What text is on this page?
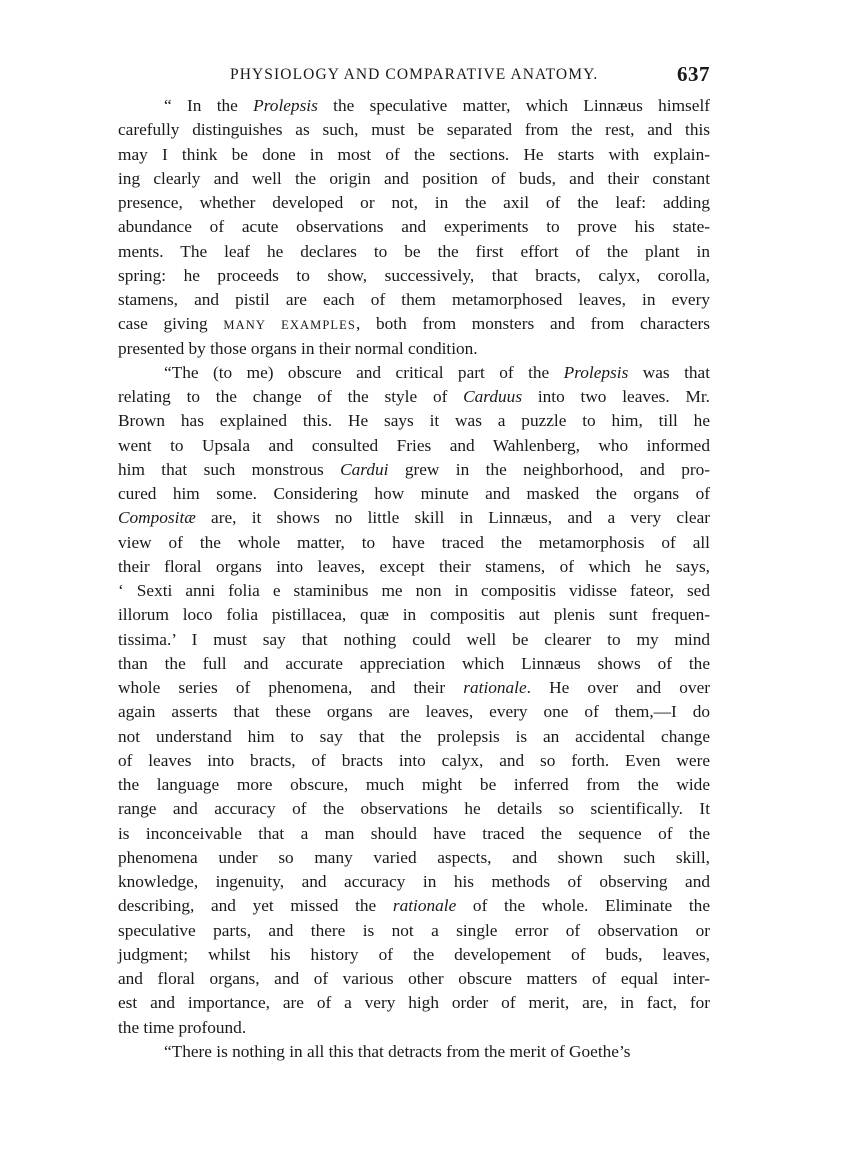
PHYSIOLOGY AND COMPARATIVE ANATOMY.	637
“ In the Prolepsis the speculative matter, which Linnæus himself
carefully distinguishes as such, must be separated from the rest, and this
may I think be done in most of the sections. He starts with explain-
ing clearly and well the origin and position of buds, and their constant
presence, whether developed or not, in the axil of the leaf: adding
abundance of acute observations and experiments to prove his state-
ments. The leaf he declares to be the first effort of the plant in
spring: he proceeds to show, successively, that bracts, calyx, corolla,
stamens, and pistil are each of them metamorphosed leaves, in every
case giving MANY EXAMPLES, both from monsters and from characters
presented by those organs in their normal condition.
“The (to me) obscure and critical part of the Prolepsis was that
relating to the change of the style of Carduus into two leaves. Mr.
Brown has explained this. He says it was a puzzle to him, till he
went to Upsala and consulted Fries and Wahlenberg, who informed
him that such monstrous Cardui grew in the neighborhood, and pro-
cured him some. Considering how minute and masked the organs of
Compositæ are, it shows no little skill in Linnæus, and a very clear
view of the whole matter, to have traced the metamorphosis of all
their floral organs into leaves, except their stamens, of which he says,
‘ Sexti anni folia e staminibus me non in compositis vidisse fateor, sed
illorum loco folia pistillacea, quæ in compositis aut plenis sunt frequen-
tissima.’ I must say that nothing could well be clearer to my mind
than the full and accurate appreciation which Linnæus shows of the
whole series of phenomena, and their rationale. He over and over
again asserts that these organs are leaves, every one of them,—I do
not understand him to say that the prolepsis is an accidental change
of leaves into bracts, of bracts into calyx, and so forth. Even were
the language more obscure, much might be inferred from the wide
range and accuracy of the observations he details so scientifically. It
is inconceivable that a man should have traced the sequence of the
phenomena under so many varied aspects, and shown such skill,
knowledge, ingenuity, and accuracy in his methods of observing and
describing, and yet missed the rationale of the whole. Eliminate the
speculative parts, and there is not a single error of observation or
judgment; whilst his history of the developement of buds, leaves,
and floral organs, and of various other obscure matters of equal inter-
est and importance, are of a very high order of merit, are, in fact, for
the time profound.
“There is nothing in all this that detracts from the merit of Goethe’s
